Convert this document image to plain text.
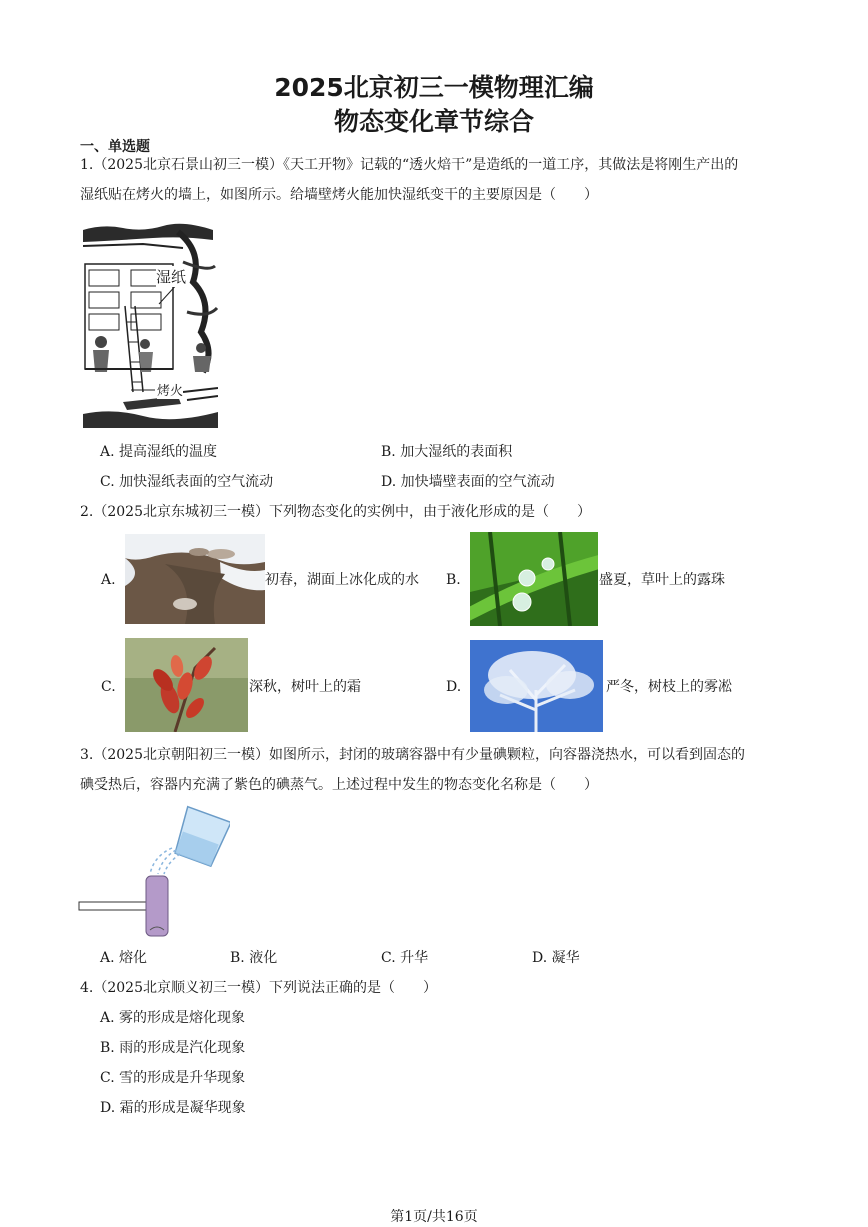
2025北京初三一模物理汇编
物态变化章节综合
一、单选题
1.（2025北京石景山初三一模）《天工开物》记载的“透火焙干”是造纸的一道工序，其做法是将刚生产出的
湿纸贴在烤火的墙上，如图所示。给墙壁烤火能加快湿纸变干的主要原因是（　　）
湿纸
烤火
A. 提高湿纸的温度	B. 加大湿纸的表面积
C. 加快湿纸表面的空气流动	D. 加快墙壁表面的空气流动
2.（2025北京东城初三一模）下列物态变化的实例中，由于液化形成的是（　　）
A.	初春，湖面上冰化成的水 B.	盛夏，草叶上的露珠
C.	深秋，树叶上的霜	D.	严冬，树枝上的雾凇
3.（2025北京朝阳初三一模）如图所示，封闭的玻璃容器中有少量碘颗粒，向容器浇热水，可以看到固态的
碘受热后，容器内充满了紫色的碘蒸气。上述过程中发生的物态变化名称是（　　）
A. 熔化	B. 液化	C. 升华	D. 凝华
4.（2025北京顺义初三一模）下列说法正确的是（　　）
A. 雾的形成是熔化现象
B. 雨的形成是汽化现象
C. 雪的形成是升华现象
D. 霜的形成是凝华现象
第1页/共16页
